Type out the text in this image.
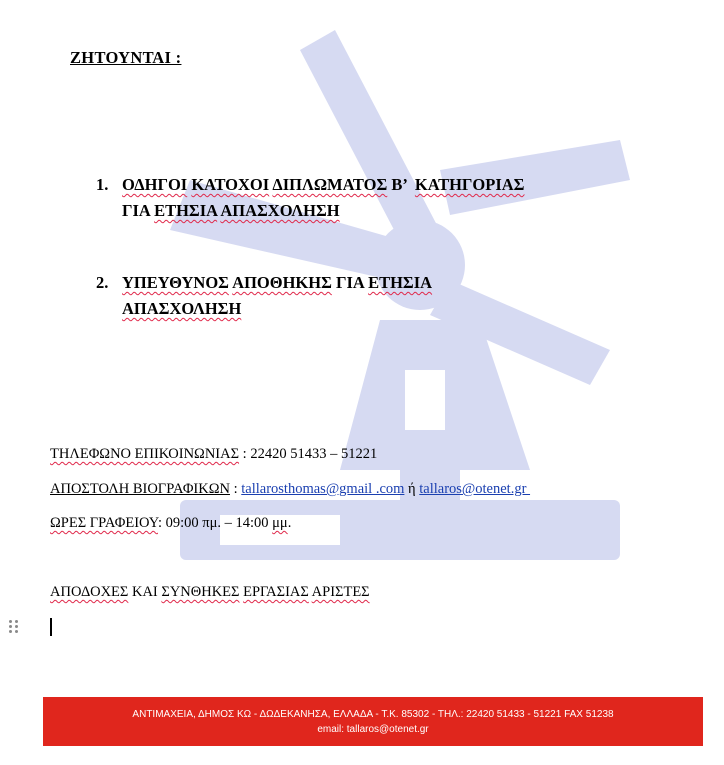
ΖΗΤΟΥΝΤΑΙ :
1. ΟΔΗΓΟΙ ΚΑΤΟΧΟΙ ΔΙΠΛΩΜΑΤΟΣ Β’  ΚΑΤΗΓΟΡΙΑΣ
ΓΙΑ ΕΤΗΣΙΑ ΑΠΑΣΧΟΛΗΣΗ
2. ΥΠΕΥΘΥΝΟΣ ΑΠΟΘΗΚΗΣ ΓΙΑ ΕΤΗΣΙΑ
ΑΠΑΣΧΟΛΗΣΗ
ΤΗΛΕΦΩΝΟ ΕΠΙΚΟΙΝΩΝΙΑΣ : 22420 51433 – 51221
ΑΠΟΣΤΟΛΗ ΒΙΟΓΡΑΦΙΚΩΝ : tallarosthomas@gmail .com ή tallaros@otenet.gr
ΩΡΕΣ ΓΡΑΦΕΙΟΥ: 09:00 πμ. – 14:00 μμ.
ΑΠΟΔΟΧΕΣ ΚΑΙ ΣΥΝΘΗΚΕΣ ΕΡΓΑΣΙΑΣ ΑΡΙΣΤΕΣ
ΑΝΤΙΜΑΧΕΙΑ, ΔΗΜΟΣ ΚΩ - ΔΩΔΕΚΑΝΗΣΑ, ΕΛΛΑΔΑ - Τ.Κ. 85302 - ΤΗΛ.: 22420 51433 - 51221 FAX 51238
email: tallaros@otenet.gr
